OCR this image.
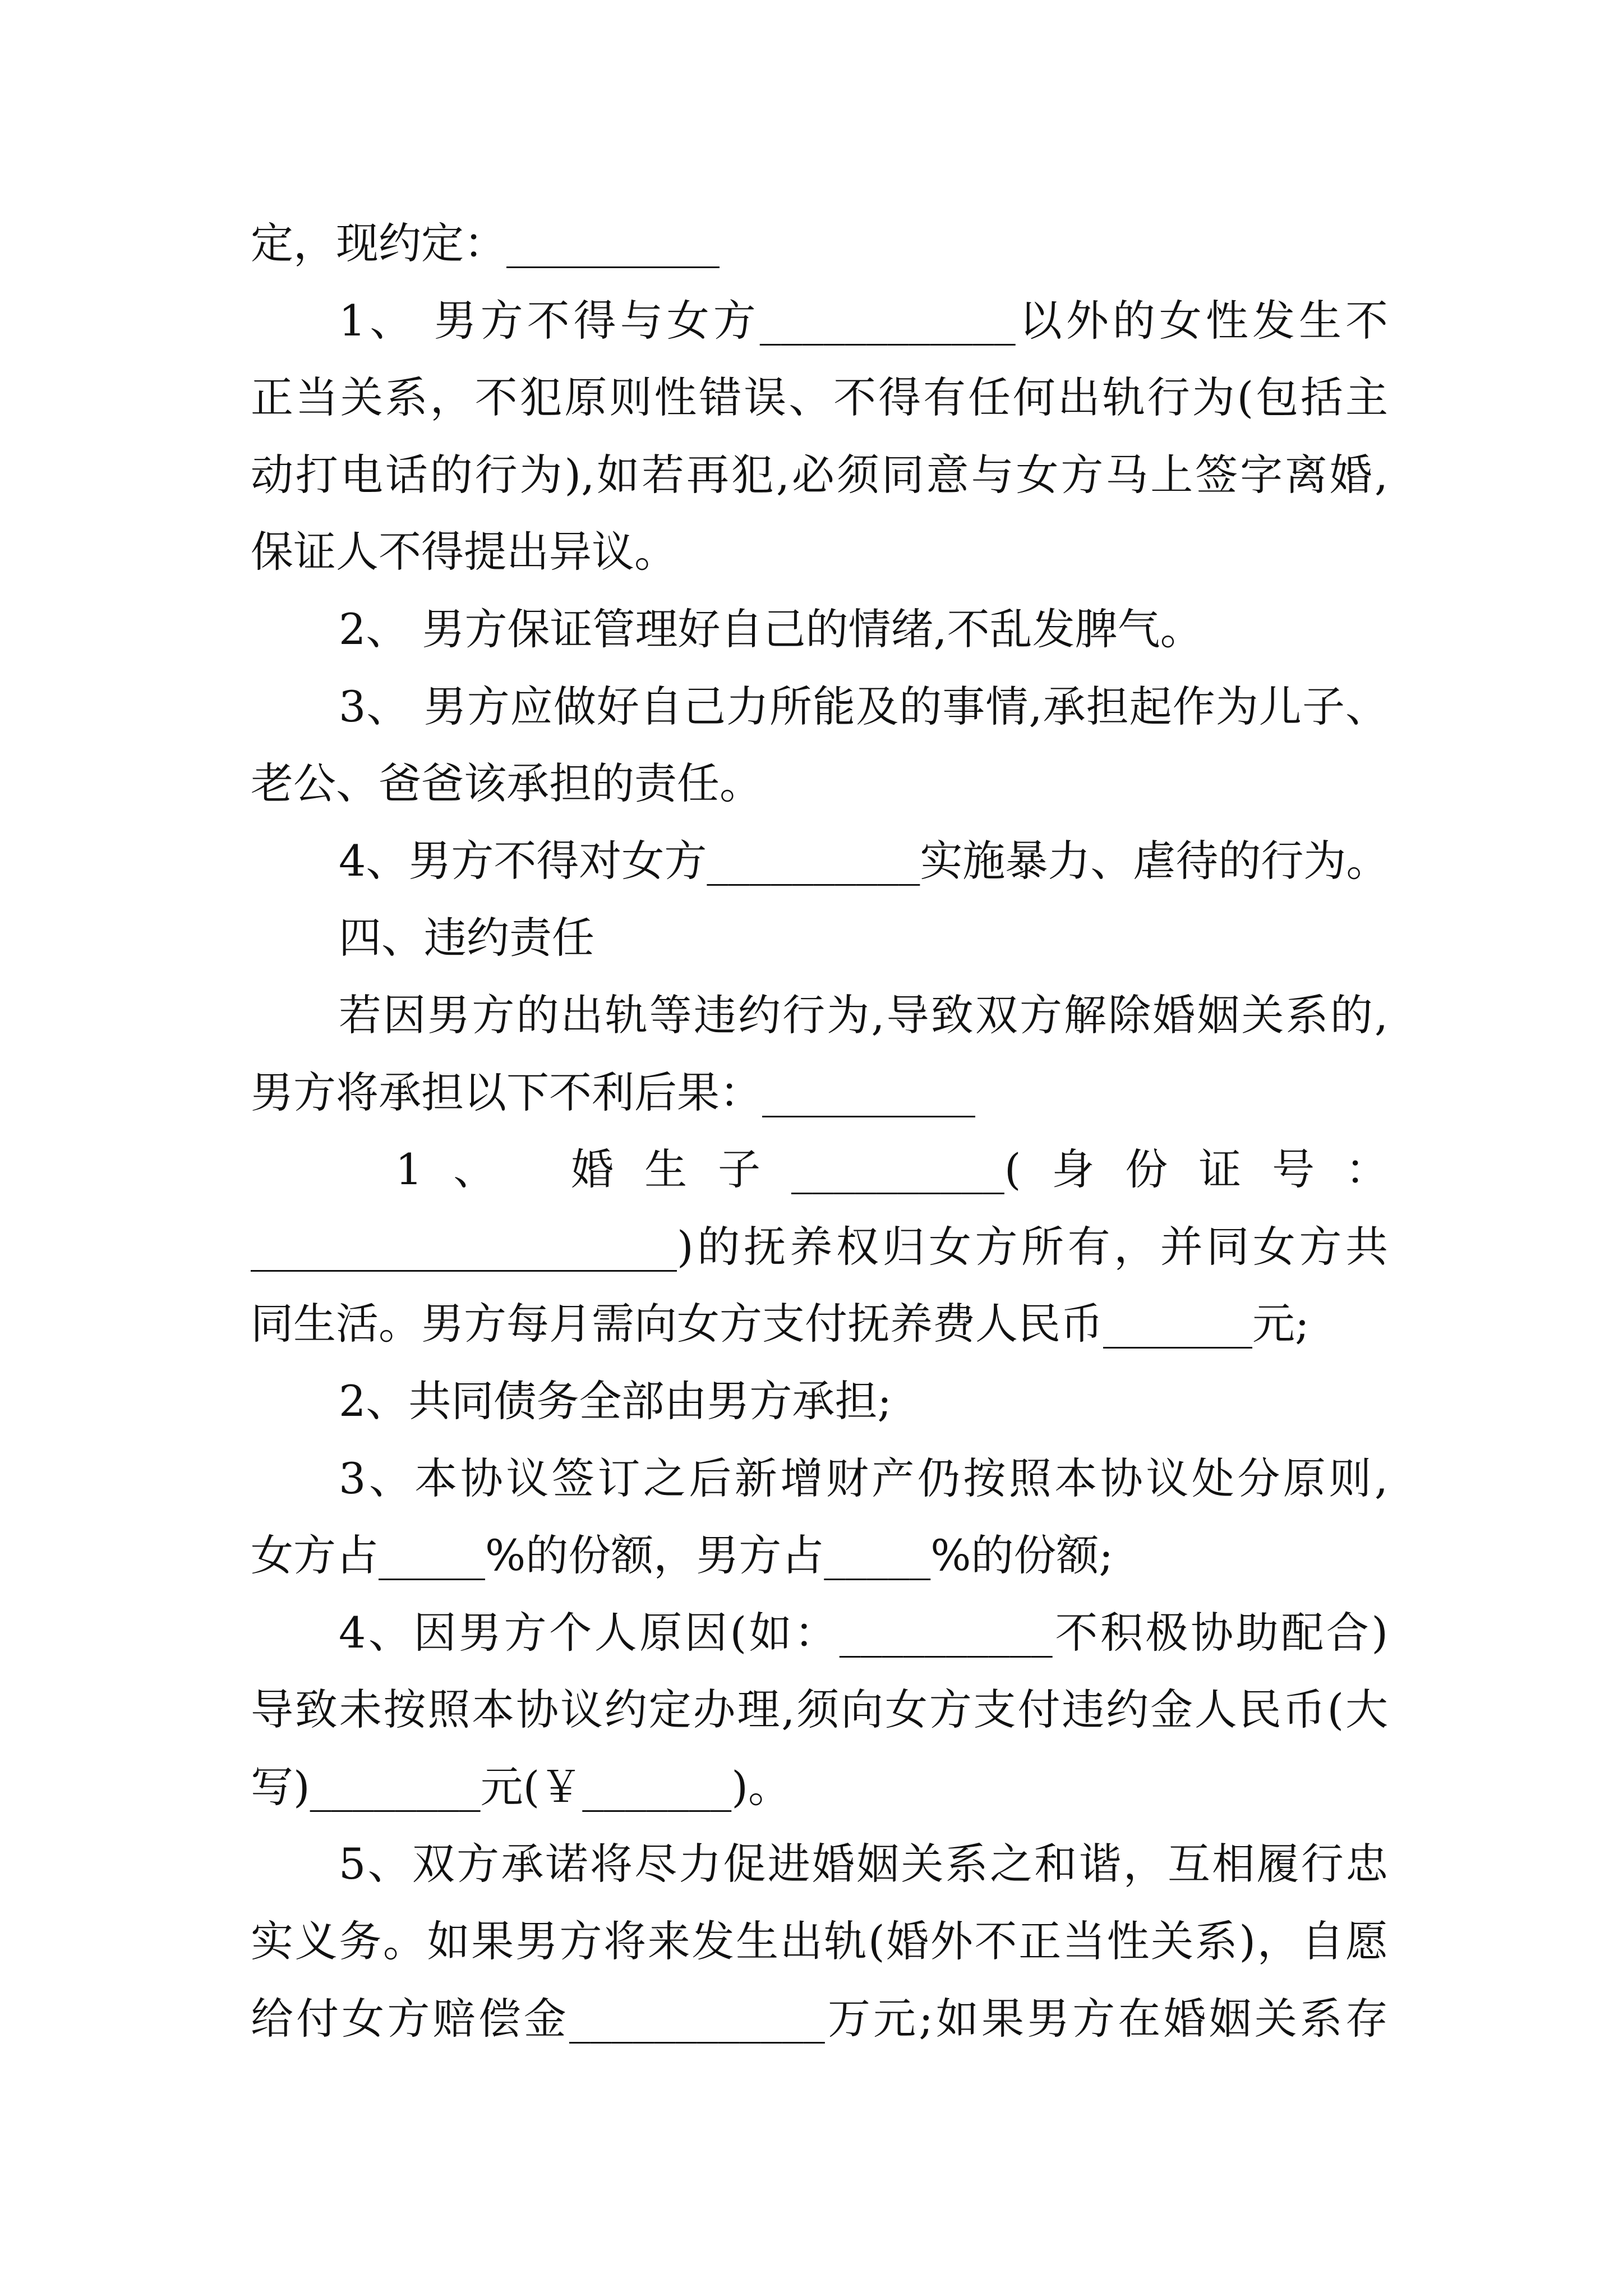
定，现约定：__________
1、 男方不得与女方____________以外的女性发生不
正当关系，不犯原则性错误、不得有任何出轨行为(包括主
动打电话的行为),如若再犯,必须同意与女方马上签字离婚,
保证人不得提出异议。
2、 男方保证管理好自己的情绪,不乱发脾气。
3、 男方应做好自己力所能及的事情,承担起作为儿子、
老公、爸爸该承担的责任。
4、男方不得对女方__________实施暴力、虐待的行为。
四、违约责任
若因男方的出轨等违约行为,导致双方解除婚姻关系的,
男方将承担以下不利后果：__________
1、 婚生子__________(身份证号：
____________________)的抚养权归女方所有，并同女方共
同生活。男方每月需向女方支付抚养费人民币_______元;
2、共同债务全部由男方承担;
3、本协议签订之后新增财产仍按照本协议处分原则,
女方占_____%的份额，男方占_____%的份额;
4、因男方个人原因(如：__________不积极协助配合)
导致未按照本协议约定办理,须向女方支付违约金人民币(大
写)________元(￥_______)。
5、双方承诺将尽力促进婚姻关系之和谐，互相履行忠
实义务。如果男方将来发生出轨(婚外不正当性关系)，自愿
给付女方赔偿金____________万元;如果男方在婚姻关系存
